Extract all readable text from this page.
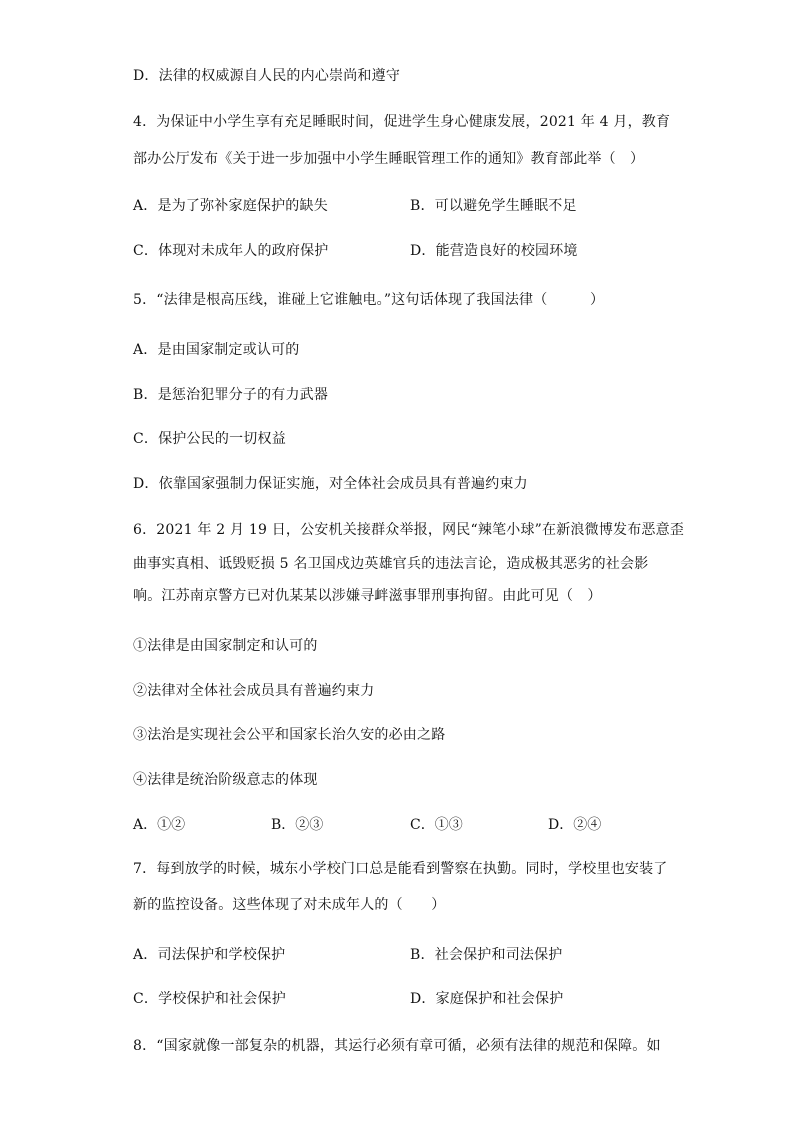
D．法律的权威源自人民的内心崇尚和遵守
4．为保证中小学生享有充足睡眠时间，促进学生身心健康发展，2021 年 4 月，教育
部办公厅发布《关于进一步加强中小学生睡眠管理工作的通知》教育部此举（　）
A．是为了弥补家庭保护的缺失	B．可以避免学生睡眠不足
C．体现对未成年人的政府保护	D．能营造良好的校园环境
5．“法律是根高压线，谁碰上它谁触电。”这句话体现了我国法律（　　　）
A．是由国家制定或认可的
B．是惩治犯罪分子的有力武器
C．保护公民的一切权益
D．依靠国家强制力保证实施，对全体社会成员具有普遍约束力
6．2021 年 2 月 19 日，公安机关接群众举报，网民“辣笔小球”在新浪微博发布恶意歪
曲事实真相、诋毁贬损 5 名卫国戍边英雄官兵的违法言论，造成极其恶劣的社会影
响。江苏南京警方已对仇某某以涉嫌寻衅滋事罪刑事拘留。由此可见（　）
①法律是由国家制定和认可的
②法律对全体社会成员具有普遍约束力
③法治是实现社会公平和国家长治久安的必由之路
④法律是统治阶级意志的体现
A．①②	B．②③	C．①③	D．②④
7．每到放学的时候，城东小学校门口总是能看到警察在执勤。同时，学校里也安装了
新的监控设备。这些体现了对未成年人的（　　）
A．司法保护和学校保护	B．社会保护和司法保护
C．学校保护和社会保护	D．家庭保护和社会保护
8．“国家就像一部复杂的机器，其运行必须有章可循，必须有法律的规范和保障。如
